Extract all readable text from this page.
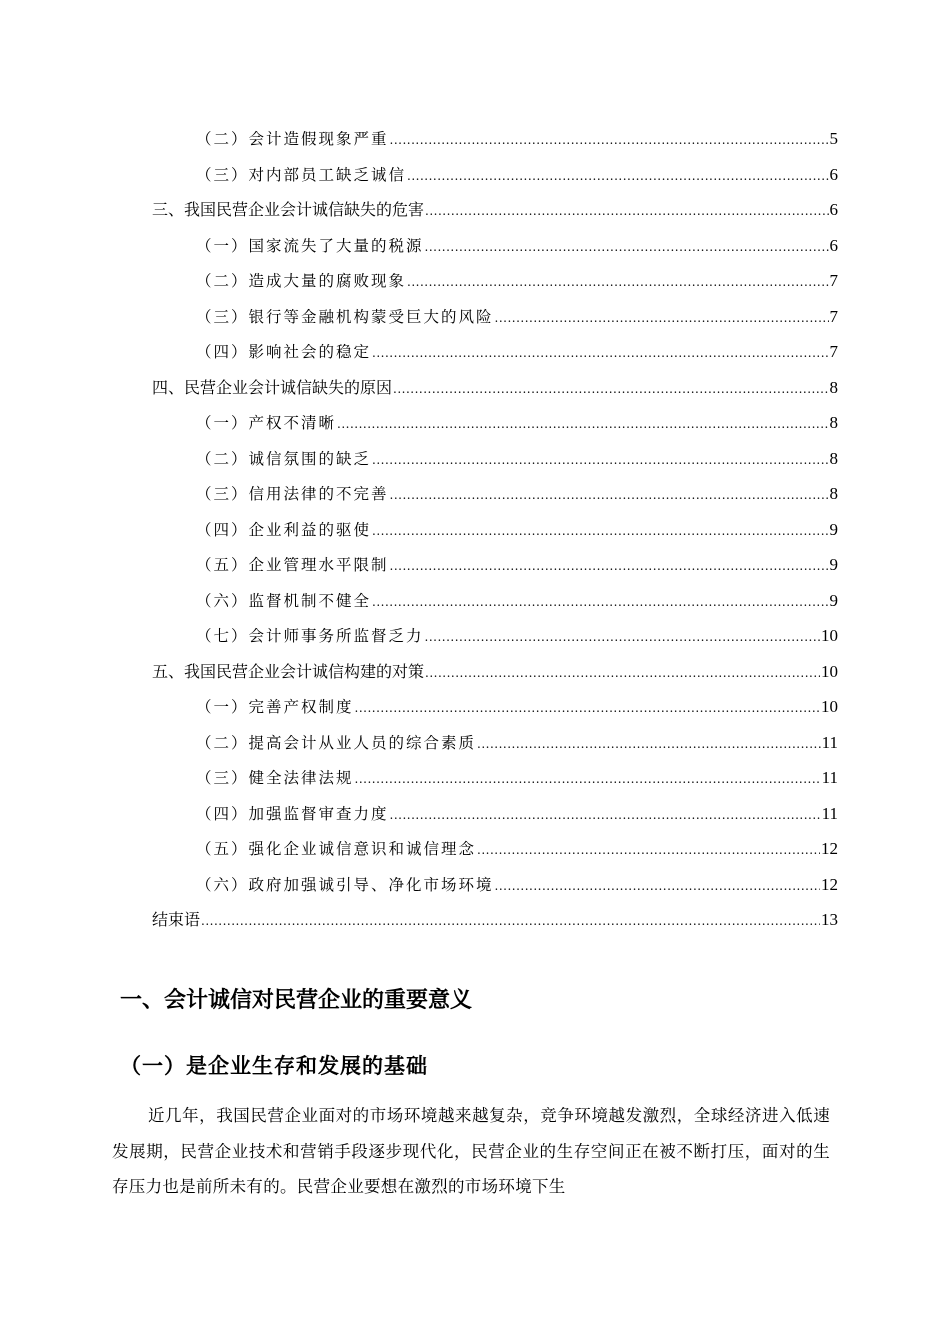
（二）会计造假现象严重 .....	5
（三）对内部员工缺乏诚信 .....	6
三、我国民营企业会计诚信缺失的危害 .....	6
（一）国家流失了大量的税源 .....	6
（二）造成大量的腐败现象 .....	7
（三）银行等金融机构蒙受巨大的风险 .....	7
（四）影响社会的稳定 .....	7
四、民营企业会计诚信缺失的原因 .....	8
（一）产权不清晰 .....	8
（二）诚信氛围的缺乏 .....	8
（三）信用法律的不完善 .....	8
（四）企业利益的驱使 .....	9
（五）企业管理水平限制 .....	9
（六）监督机制不健全 .....	9
（七）会计师事务所监督乏力 .....	10
五、我国民营企业会计诚信构建的对策 .....	10
（一）完善产权制度 .....	10
（二）提高会计从业人员的综合素质 .....	11
（三）健全法律法规 .....	11
（四）加强监督审查力度 .....	11
（五）强化企业诚信意识和诚信理念 .....	12
（六）政府加强诚引导、净化市场环境 .....	12
结束语 .....	13
一、会计诚信对民营企业的重要意义
（一）是企业生存和发展的基础

近几年，我国民营企业面对的市场环境越来越复杂，竞争环境越发激烈，全球经济进入低速发展期，民营企业技术和营销手段逐步现代化，民营企业的生存空间正在被不断打压，面对的生存压力也是前所未有的。民营企业要想在激烈的市场环境下生
